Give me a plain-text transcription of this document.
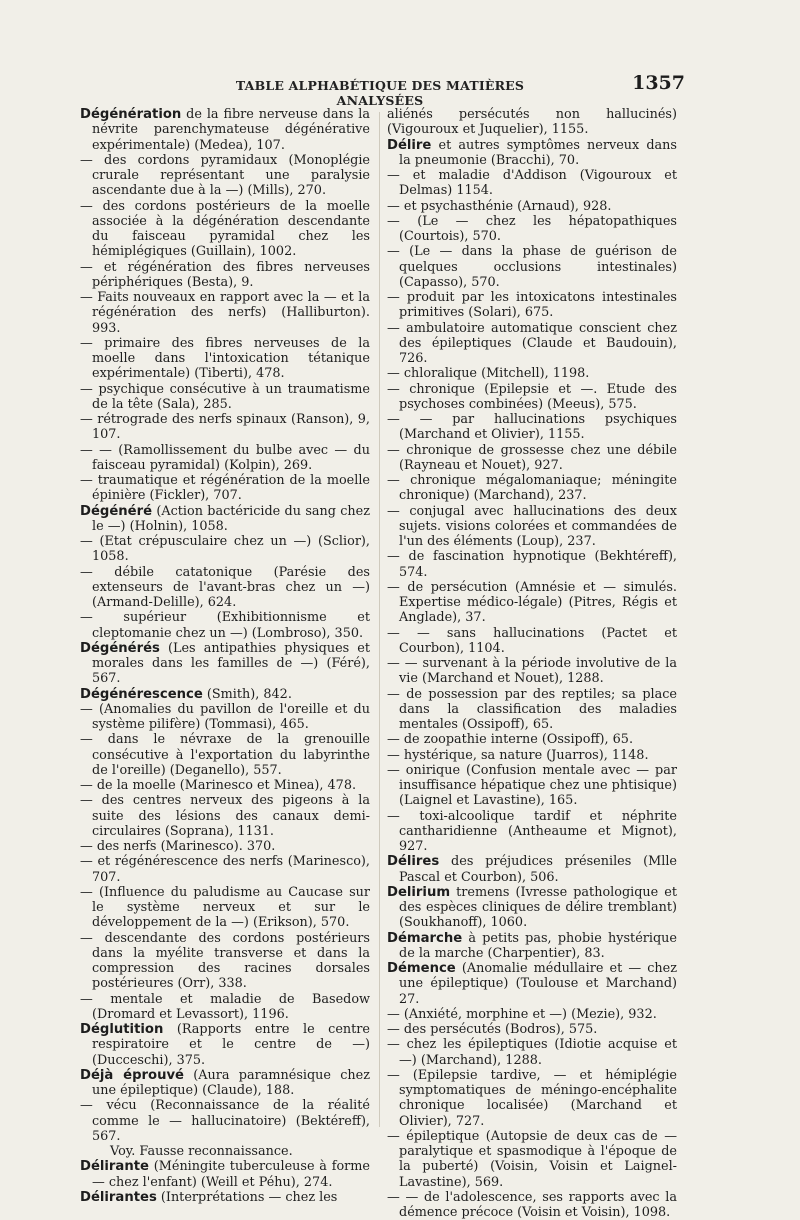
TABLE ALPHABÉTIQUE DES MATIÈRES ANALYSÉES
1357

Dégénération de la fibre nerveuse dans la névrite parenchymateuse dégénérative expérimentale) (Medea), 107.

— des cordons pyramidaux (Monoplégie crurale représentant une paralysie ascendante due à la —) (Mills), 270.

— des cordons postérieurs de la moelle associée à la dégénération descendante du faisceau pyramidal chez les hémiplégiques (Guillain), 1002.

— et régénération des fibres nerveuses périphériques (Besta), 9.

— Faits nouveaux en rapport avec la — et la régénération des nerfs) (Halliburton). 993.

— primaire des fibres nerveuses de la moelle dans l'intoxication tétanique expérimentale) (Tiberti), 478.

— psychique consécutive à un traumatisme de la tête (Sala), 285.

— rétrograde des nerfs spinaux (Ranson), 9, 107.

— — (Ramollissement du bulbe avec — du faisceau pyramidal) (Kolpin), 269.

— traumatique et régénération de la moelle épinière (Fickler), 707.

Dégénéré (Action bactéricide du sang chez le —) (Holnin), 1058.

— (Etat crépusculaire chez un —) (Sclior), 1058.

— débile catatonique (Parésie des extenseurs de l'avant-bras chez un —) (Armand-Delille), 624.

— supérieur (Exhibitionnisme et cleptomanie chez un —) (Lombroso), 350.

Dégénérés (Les antipathies physiques et morales dans les familles de —) (Féré), 567.

Dégénérescence (Smith), 842.

— (Anomalies du pavillon de l'oreille et du système pilifère) (Tommasi), 465.

— dans le névraxe de la grenouille consécutive à l'exportation du labyrinthe de l'oreille) (Deganello), 557.

— de la moelle (Marinesco et Minea), 478.

— des centres nerveux des pigeons à la suite des lésions des canaux demi-circulaires (Soprana), 1131.

— des nerfs (Marinesco). 370.

— et régénérescence des nerfs (Marinesco), 707.

— (Influence du paludisme au Caucase sur le système nerveux et sur le développement de la —) (Erikson), 570.

— descendante des cordons postérieurs dans la myélite transverse et dans la compression des racines dorsales postérieures (Orr), 338.

— mentale et maladie de Basedow (Dromard et Levassort), 1196.

Déglutition (Rapports entre le centre respiratoire et le centre de —) (Ducceschi), 375.

Déjà éprouvé (Aura paramnésique chez une épileptique) (Claude), 188.

— vécu (Reconnaissance de la réalité comme le — hallucinatoire) (Bektéreff), 567.

Voy. Fausse reconnaissance.

Délirante (Méningite tuberculeuse à forme — chez l'enfant) (Weill et Péhu), 274.

Délirantes (Interprétations — chez les

aliénés persécutés non hallucinés) (Vigouroux et Juquelier), 1155.

Délire et autres symptômes nerveux dans la pneumonie (Bracchi), 70.

— et maladie d'Addison (Vigouroux et Delmas) 1154.

— et psychasthénie (Arnaud), 928.

— (Le — chez les hépatopathiques (Courtois), 570.

— (Le — dans la phase de guérison de quelques occlusions intestinales) (Capasso), 570.

— produit par les intoxicatons intestinales primitives (Solari), 675.

— ambulatoire automatique conscient chez des épileptiques (Claude et Baudouin), 726.

— chloralique (Mitchell), 1198.

— chronique (Epilepsie et —. Etude des psychoses combinées) (Meeus), 575.

— — par hallucinations psychiques (Marchand et Olivier), 1155.

— chronique de grossesse chez une débile (Rayneau et Nouet), 927.

— chronique mégalomaniaque; méningite chronique) (Marchand), 237.

— conjugal avec hallucinations des deux sujets. visions colorées et commandées de l'un des éléments (Loup), 237.

— de fascination hypnotique (Bekhtéreff), 574.

— de persécution (Amnésie et — simulés. Expertise médico-légale) (Pitres, Régis et Anglade), 37.

— — sans hallucinations (Pactet et Courbon), 1104.

— — survenant à la période involutive de la vie (Marchand et Nouet), 1288.

— de possession par des reptiles; sa place dans la classification des maladies mentales (Ossipoff), 65.

— de zoopathie interne (Ossipoff), 65.

— hystérique, sa nature (Juarros), 1148.

— onirique (Confusion mentale avec — par insuffisance hépatique chez une phtisique) (Laignel et Lavastine), 165.

— toxi-alcoolique tardif et néphrite cantharidienne (Antheaume et Mignot), 927.

Délires des préjudices préseniles (Mlle Pascal et Courbon), 506.

Delirium tremens (Ivresse pathologique et des espèces cliniques de délire tremblant) (Soukhanoff), 1060.

Démarche à petits pas, phobie hystérique de la marche (Charpentier), 83.

Démence (Anomalie médullaire et — chez une épileptique) (Toulouse et Marchand) 27.

— (Anxiété, morphine et —) (Mezie), 932.

— des persécutés (Bodros), 575.

— chez les épileptiques (Idiotie acquise et —) (Marchand), 1288.

— (Epilepsie tardive, — et hémiplégie symptomatiques de méningo-encéphalite chronique localisée) (Marchand et Olivier), 727.

— épileptique (Autopsie de deux cas de — paralytique et spasmodique à l'époque de la puberté) (Voisin, Voisin et Laignel-Lavastine), 569.

— — de l'adolescence, ses rapports avec la démence précoce (Voisin et Voisin), 1098.
